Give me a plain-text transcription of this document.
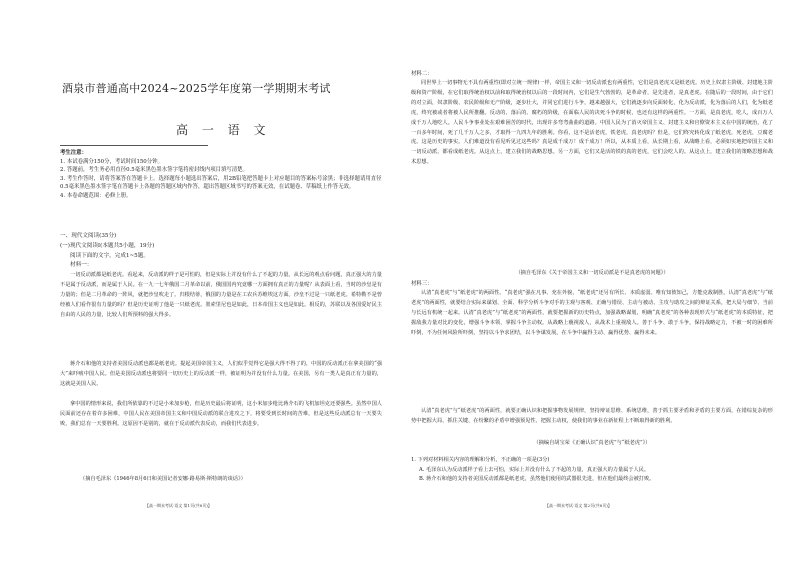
酒泉市普通高中2024~2025学年度第一学期期末考试
高 一 语 文

考生注意：

1. 本试卷满分150分，考试时间150分钟。

2. 答题前，考生务必用直径0.5毫米黑色墨水签字笔将密封线内项目填写清楚。

3. 考生作答时，请将答案答在答题卡上。选择题每小题选出答案后，用2B铅笔把答题卡上对应题目的答案标号涂黑；非选择题请用直径0.5毫米黑色墨水签字笔在答题卡上各题的答题区域内作答，超出答题区域书写的答案无效，在试题卷、草稿纸上作答无效。

4. 本卷命题范围：必修上册。

一、现代文阅读(35分)

(一)现代文阅读Ⅰ(本题共5小题，19分)

阅读下面的文字，完成1~5题。

材料一：

一切反动派都是纸老虎。看起来，反动派的样子是可怕的，但是实际上并没有什么了不起的力量。从长远的观点看问题，真正强大的力量不是属于反动派，而是属于人民。在一九一七年俄国二月革命以前，俄国国内究竟哪一方面拥有真正的力量呢？从表面上看，当时的沙皇是有力量的；但是二月革命的一阵风，就把沙皇吹走了。归根结蒂，俄国的力量是在工农兵苏维埃这方面。沙皇不过是一只纸老虎。希特勒不是曾经被人们看作很有力量的吗？但是历史证明了他是一只纸老虎。墨索里尼也是如此，日本帝国主义也是如此。相反的，苏联以及各国爱好民主自由的人民的力量，比较人们所预料的强大得多。

蒋介石和他的支持者美国反动派也都是纸老虎。提起美国帝国主义，人们似乎觉得它是强大得不得了的，中国的反动派正在拿美国的“强大”来吓唬中国人民。但是美国反动派也将要同一切历史上的反动派一样，被证明为并没有什么力量。在美国，另有一类人是真正有力量的，这就是美国人民。

拿中国的情形来说，我们所依靠的不过是小米加步枪，但是历史最后将证明，这小米加步枪比蒋介石的飞机加坦克还要强些。虽然中国人民面前还存在着许多困难，中国人民在美国帝国主义和中国反动派的联合进攻之下，将要受到长时间的苦难，但是这些反动派总有一天要失败，我们总有一天要胜利。这原因不是别的，就在于反动派代表反动，而我们代表进步。

（摘自毛泽东《1946年8月6日和美国记者安娜·路易斯·斯特朗的谈话》）

【高一期末考试·语文 第1页(共8页)】

材料二：

同世界上一切事物无不具有两重性(即对立统一规律)一样，帝国主义和一切反动派也有两重性，它们是真老虎又是纸老虎。历史上奴隶主阶级、封建地主阶级和资产阶级，在它们取得统治权以前和取得统治权以后的一段时间内，它们是生气勃勃的，是革命者，是先进者，是真老虎。在随后的一段时间，由于它们的对立面，奴隶阶级、农民阶级和无产阶级，逐步壮大，并同它们进行斗争，越来越强大，它们就逐步向反面转化，化为反动派，化为落后的人们，化为纸老虎，终究被或者将被人民所推翻。反动的、落后的、腐朽的阶级，在面临人民的决死斗争的时候，也还有这样的两重性。一方面，是真老虎，吃人，成百万人成千万人地吃人。人民斗争事业处在艰难困苦的时代，出现许多弯弯曲曲的道路。中国人民为了消灭帝国主义、封建主义和官僚资本主义在中国的统治，花了一百多年时间，死了几千万人之多，才取得一九四九年的胜利。你看，这不是活老虎，铁老虎，真老虎吗？但是，它们终究转化成了纸老虎，死老虎，豆腐老虎。这是历史的事实。人们难道没有看见听见过这些吗？真是成千成万！成千成万！所以，从本质上看，从长期上看，从战略上看，必须如实地把帝国主义和一切反动派，都看成纸老虎。从这点上，建立我们的战略思想。另一方面，它们又是活的铁的真的老虎，它们会吃人的。从这点上，建立我们的策略思想和战术思想。

（摘自毛泽东《关于帝国主义和一切反动派是不是真老虎的问题》）

材料三：

认清“真老虎”与“纸老虎”的两面性。“真老虎”强在凡事、充在外貌，“纸老虎”还另有所长、本质虚弱。唯有知彼知己，方能克敌制胜。认清“真老虎”与“纸老虎”的两面性，就要结合实际来谋划、全面、科学分析斗争对手的主观与客观、正确与错误、主动与被动、主攻与助攻之间的辩证关系，把大局与细节、当前与长远有机统一起来。认清“真老虎”与“纸老虎”的两面性，就要把握新的历史特点，加强战略谋划，明确“真老虎”的各种表现形式与“纸老虎”的本质特征，把握敌我力量对比的变化，增强斗争本领，掌握斗争主动权。从战略上藐视敌人，从战术上重视敌人。善于斗争、敢于斗争，保持战略定力，不被一时的困难所吓倒，不为任何风险所吓倒，坚持以斗争求团结，以斗争谋发展，在斗争中赢得主动、赢得优势、赢得未来。

认清“真老虎”与“纸老虎”的两面性，就要正确认识和把握事物发展规律，坚持辩证思维、系统思维，善于抓主要矛盾和矛盾的主要方面，在错综复杂的形势中把握大局、抓住关键，在纷繁的矛盾中增强预见性、把握主动权，使我们的事业在新征程上不断取得新的胜利。

（摘编自胡宝荣《正确认识“真老虎”与“纸老虎”》）

1. 下列对材料相关内容的理解和分析，不正确的一项是(3分)

A. 毛泽东认为反动派样子看上去可怕，实际上并没有什么了不起的力量，真正强大的力量属于人民。

B. 蒋介石和他的支持者美国反动派都是纸老虎，虽然他们使用的武器很先进，但在他们最终会被打败。

【高一期末考试·语文 第2页(共8页)】
